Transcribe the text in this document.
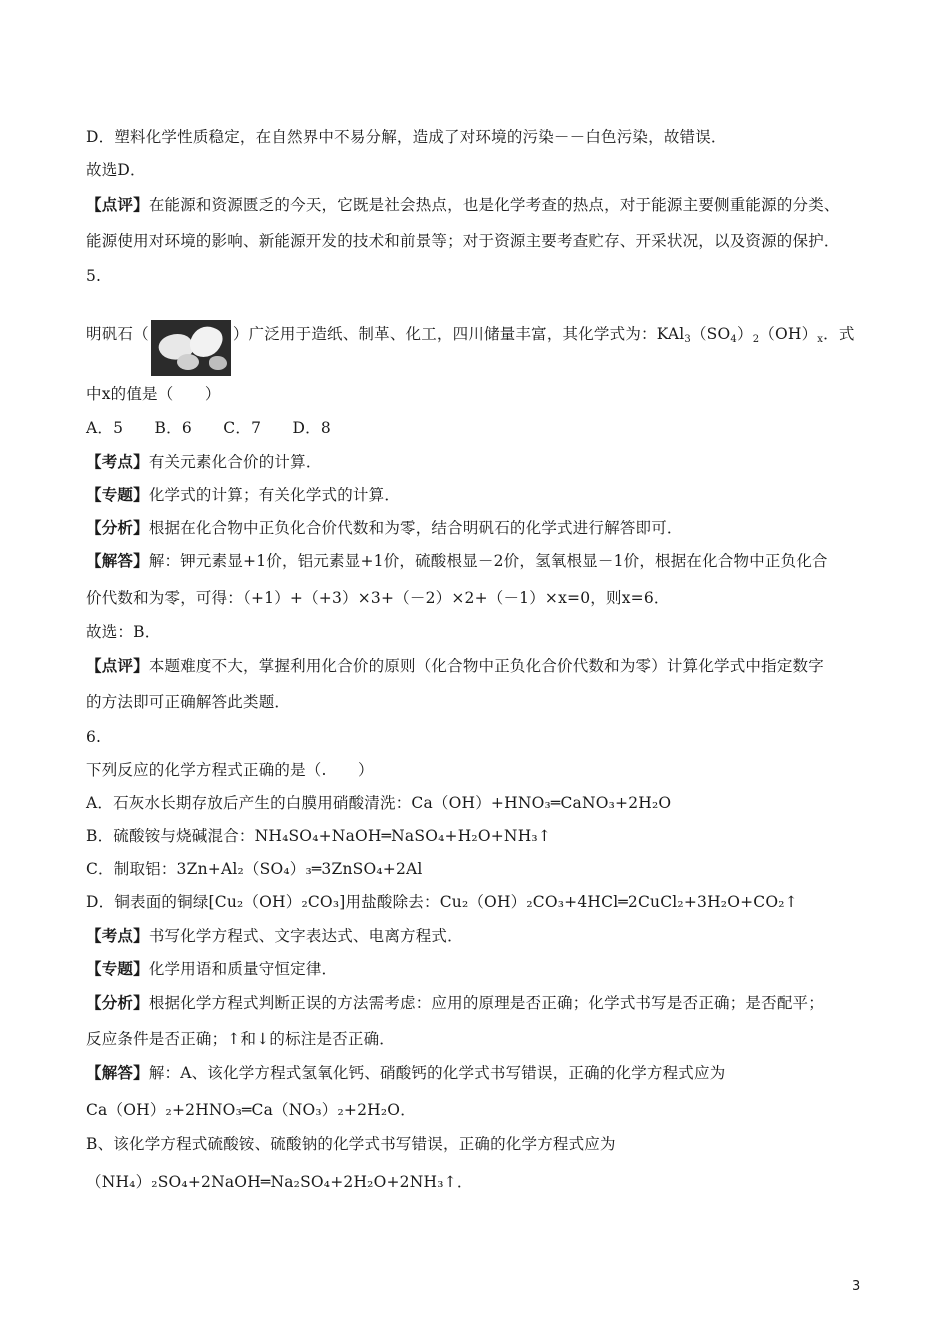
D．塑料化学性质稳定，在自然界中不易分解，造成了对环境的污染－－白色污染，故错误．
故选D．
【点评】在能源和资源匮乏的今天，它既是社会热点，也是化学考查的热点，对于能源主要侧重能源的分类、
能源使用对环境的影响、新能源开发的技术和前景等；对于资源主要考查贮存、开采状况，以及资源的保护．
5.
明矾石（	）广泛用于造纸、制革、化工，四川储量丰富，其化学式为：$KAl_3(SO_4)_2(OH)_x$．式
中x的值是（　　）
A．5　　B．6　　C．7　　D．8
【考点】有关元素化合价的计算．
【专题】化学式的计算；有关化学式的计算．
【分析】根据在化合物中正负化合价代数和为零，结合明矾石的化学式进行解答即可．
【解答】解：钾元素显+1价，铝元素显+1价，硫酸根显－2价，氢氧根显－1价，根据在化合物中正负化合
价代数和为零，可得：（+1）+（+3）×3+（－2）×2+（－1）×x=0，则x=6．
故选：B．
【点评】本题难度不大，掌握利用化合价的原则（化合物中正负化合价代数和为零）计算化学式中指定数字
的方法即可正确解答此类题．
6.
下列反应的化学方程式正确的是（.　　）
A．石灰水长期存放后产生的白膜用硝酸清洗：Ca（OH）+HNO₃═CaNO₃+2H₂O
B．硫酸铵与烧碱混合：NH₄SO₄+NaOH═NaSO₄+H₂O+NH₃↑
C．制取铝：3Zn+Al₂（SO₄）₃═3ZnSO₄+2Al
D．铜表面的铜绿[Cu₂（OH）₂CO₃]用盐酸除去：Cu₂（OH）₂CO₃+4HCl═2CuCl₂+3H₂O+CO₂↑
【考点】书写化学方程式、文字表达式、电离方程式．
【专题】化学用语和质量守恒定律．
【分析】根据化学方程式判断正误的方法需考虑：应用的原理是否正确；化学式书写是否正确；是否配平；
反应条件是否正确；↑和↓的标注是否正确．
【解答】解：A、该化学方程式氢氧化钙、硝酸钙的化学式书写错误，正确的化学方程式应为
Ca（OH）₂+2HNO₃═Ca（NO₃）₂+2H₂O．
B、该化学方程式硫酸铵、硫酸钠的化学式书写错误，正确的化学方程式应为
（NH₄）₂SO₄+2NaOH═Na₂SO₄+2H₂O+2NH₃↑．
3
